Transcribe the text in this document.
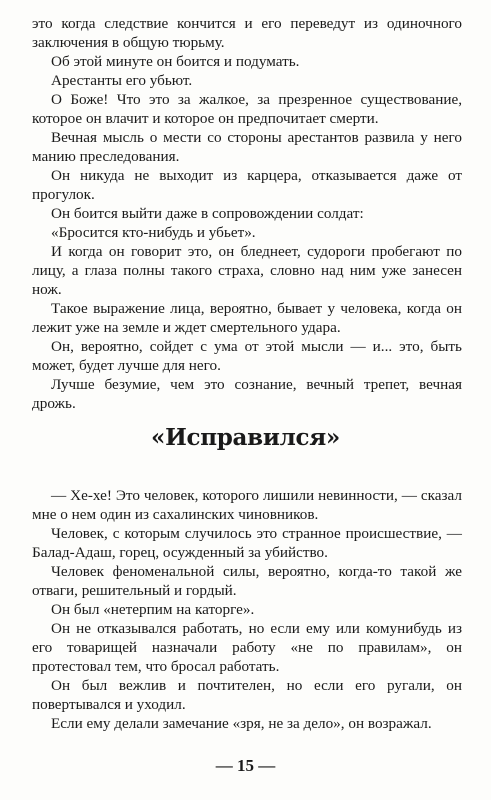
это когда следствие кончится и его переведут из одиночного заключения в общую тюрьму.

Об этой минуте он боится и подумать.

Арестанты его убьют.

О Боже! Что это за жалкое, за презренное существование, которое он влачит и которое он предпочитает смерти.

Вечная мысль о мести со стороны арестантов развила у него манию преследования.

Он никуда не выходит из карцера, отказывается даже от прогулок.

Он боится выйти даже в сопровождении солдат:

«Бросится кто-нибудь и убьет».

И когда он говорит это, он бледнеет, судороги пробегают по лицу, а глаза полны такого страха, словно над ним уже занесен нож.

Такое выражение лица, вероятно, бывает у человека, когда он лежит уже на земле и ждет смертельного удара.

Он, вероятно, сойдет с ума от этой мысли — и... это, быть может, будет лучше для него.

Лучше безумие, чем это сознание, вечный трепет, вечная дрожь.

«Исправился»

— Хе-хе! Это человек, которого лишили невинности, — сказал мне о нем один из сахалинских чиновников.

Человек, с которым случилось это странное происшествие, — Балад-Адаш, горец, осужденный за убийство.

Человек феноменальной силы, вероятно, когда-то такой же отваги, решительный и гордый.

Он был «нетерпим на каторге».

Он не отказывался работать, но если ему или комунибудь из его товарищей назначали работу «не по правилам», он протестовал тем, что бросал работать.

Он был вежлив и почтителен, но если его ругали, он повертывался и уходил.

Если ему делали замечание «зря, не за дело», он возражал.

— 15 —
